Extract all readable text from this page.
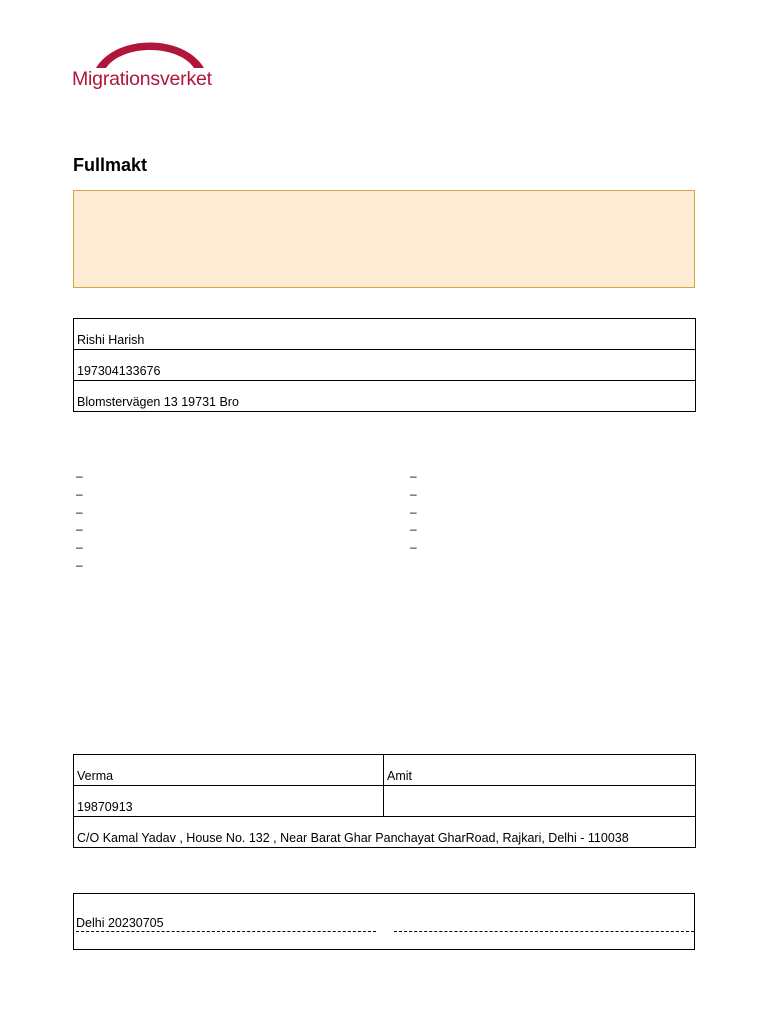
Migrationsverket
Fullmakt
Rishi Harish
197304133676
Blomstervägen 13 19731 Bro
–
–
–
–
–
–
–
–
–
–
–
Verma	Amit
19870913	
C/O Kamal Yadav , House No. 132 , Near Barat Ghar Panchayat GharRoad, Rajkari, Delhi - 110038	
Delhi 20230705
